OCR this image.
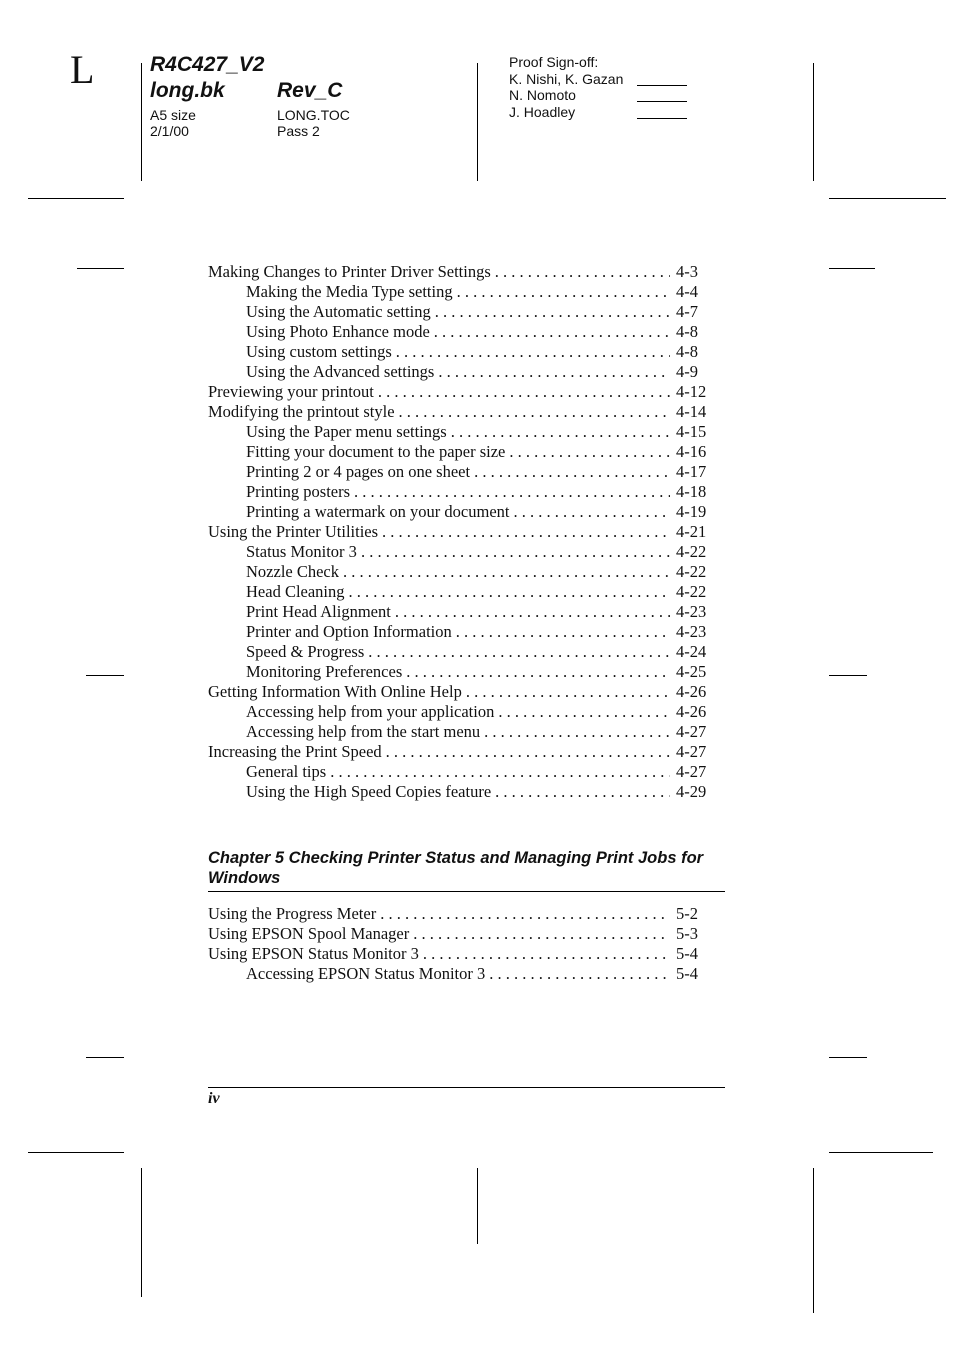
L	R4C427_V2
long.bk Rev_C
A5 size	LONG.TOC
2/1/00	Pass 2
Proof Sign-off:
K. Nishi, K. Gazan
N. Nomoto
J. Hoadley
Making Changes to Printer Driver Settings . . .	4-3
Making the Media Type setting . . .	4-4
Using the Automatic setting . . .	4-7
Using Photo Enhance mode . . .	4-8
Using custom settings . . .	4-8
Using the Advanced settings . . .	4-9
Previewing your printout . . .	4-12
Modifying the printout style . . .	4-14
Using the Paper menu settings . . .	4-15
Fitting your document to the paper size . . .	4-16
Printing 2 or 4 pages on one sheet . . .	4-17
Printing posters . . .	4-18
Printing a watermark on your document . . .	4-19
Using the Printer Utilities . . .	4-21
Status Monitor 3 . . .	4-22
Nozzle Check . . .	4-22
Head Cleaning . . .	4-22
Print Head Alignment . . .	4-23
Printer and Option Information . . .	4-23
Speed & Progress . . .	4-24
Monitoring Preferences . . .	4-25
Getting Information With Online Help . . .	4-26
Accessing help from your application . . .	4-26
Accessing help from the start menu . . .	4-27
Increasing the Print Speed . . .	4-27
General tips . . .	4-27
Using the High Speed Copies feature . . .	4-29
Chapter 5 Checking Printer Status and Managing Print Jobs for Windows
Using the Progress Meter . . .	5-2
Using EPSON Spool Manager . . .	5-3
Using EPSON Status Monitor 3 . . .	5-4
Accessing EPSON Status Monitor 3 . . .	5-4
iv
